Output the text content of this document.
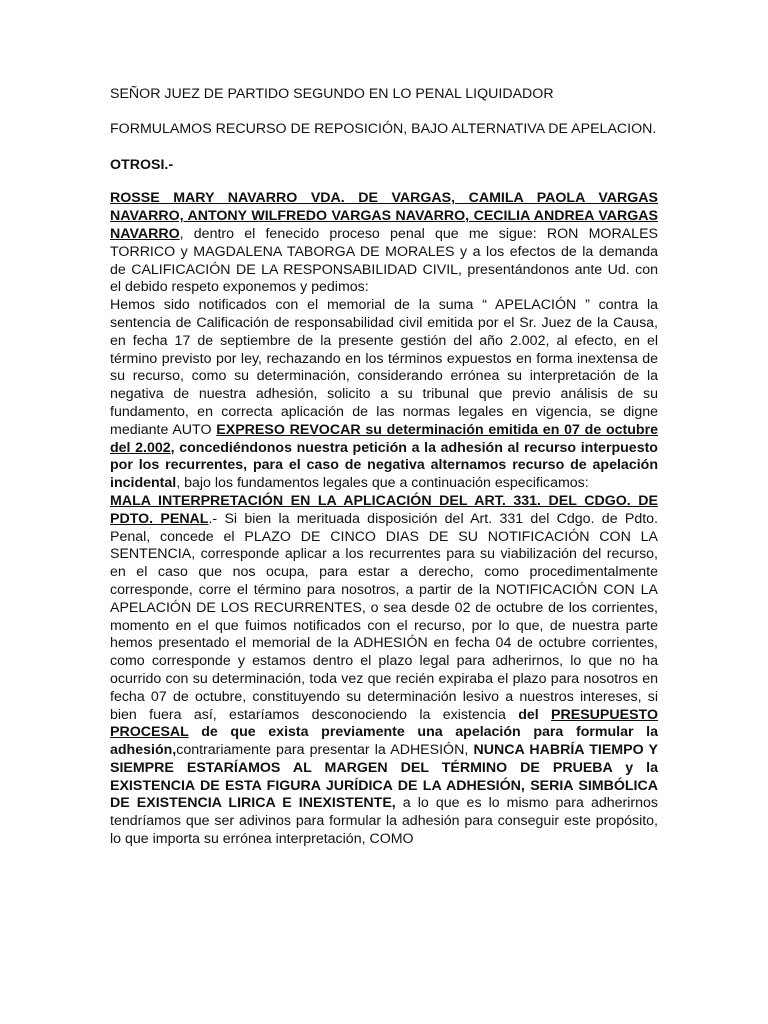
SEÑOR JUEZ DE PARTIDO SEGUNDO EN LO PENAL LIQUIDADOR

FORMULAMOS RECURSO DE REPOSICIÓN, BAJO ALTERNATIVA DE APELACION.

OTROSI.-

ROSSE MARY NAVARRO VDA. DE VARGAS, CAMILA PAOLA VARGAS NAVARRO, ANTONY WILFREDO VARGAS NAVARRO, CECILIA ANDREA VARGAS NAVARRO, dentro el fenecido proceso penal que me sigue: RON MORALES TORRICO y MAGDALENA TABORGA DE MORALES y a los efectos de la demanda de CALIFICACIÓN DE LA RESPONSABILIDAD CIVIL, presentándonos ante Ud. con el debido respeto exponemos y pedimos:

Hemos sido notificados con el memorial de la suma “ APELACIÓN ” contra la sentencia de Calificación de responsabilidad civil emitida por el Sr. Juez de la Causa, en fecha 17 de septiembre de la presente gestión del año 2.002, al efecto, en el término previsto por ley, rechazando en los términos expuestos en forma inextensa de su recurso, como su determinación, considerando errónea su interpretación de la negativa de nuestra adhesión, solicito a su tribunal que previo análisis de su fundamento, en correcta aplicación de las normas legales en vigencia, se digne mediante AUTO EXPRESO REVOCAR su determinación emitida en 07 de octubre del 2.002, concediéndonos nuestra petición a la adhesión al recurso interpuesto por los recurrentes, para el caso de negativa alternamos recurso de apelación incidental, bajo los fundamentos legales que a continuación especificamos:

MALA INTERPRETACIÓN EN LA APLICACIÓN DEL ART. 331. DEL CDGO. DE PDTO. PENAL.- Si bien la merituada disposición del Art. 331 del Cdgo. de Pdto. Penal, concede el PLAZO DE CINCO DIAS DE SU NOTIFICACIÓN CON LA SENTENCIA, corresponde aplicar a los recurrentes para su viabilización del recurso, en el caso que nos ocupa, para estar a derecho, como procedimentalmente corresponde, corre el término para nosotros, a partir de la NOTIFICACIÓN CON LA APELACIÓN DE LOS RECURRENTES, o sea desde 02 de octubre de los corrientes, momento en el que fuimos notificados con el recurso, por lo que, de nuestra parte hemos presentado el memorial de la ADHESIÓN en fecha 04 de octubre corrientes, como corresponde y estamos dentro el plazo legal para adherirnos, lo que no ha ocurrido con su determinación, toda vez que recién expiraba el plazo para nosotros en fecha 07 de octubre, constituyendo su determinación lesivo a nuestros intereses, si bien fuera así, estaríamos desconociendo la existencia del PRESUPUESTO PROCESAL de que exista previamente una apelación para formular la adhesión,contrariamente para presentar la ADHESIÓN, NUNCA HABRÍA TIEMPO Y SIEMPRE ESTARÍAMOS AL MARGEN DEL TÉRMINO DE PRUEBA y la EXISTENCIA DE ESTA FIGURA JURÍDICA DE LA ADHESIÓN, SERIA SIMBÓLICA DE EXISTENCIA LIRICA E INEXISTENTE, a lo que es lo mismo para adherirnos tendríamos que ser adivinos para formular la adhesión para conseguir este propósito, lo que importa su errónea interpretación, COMO
